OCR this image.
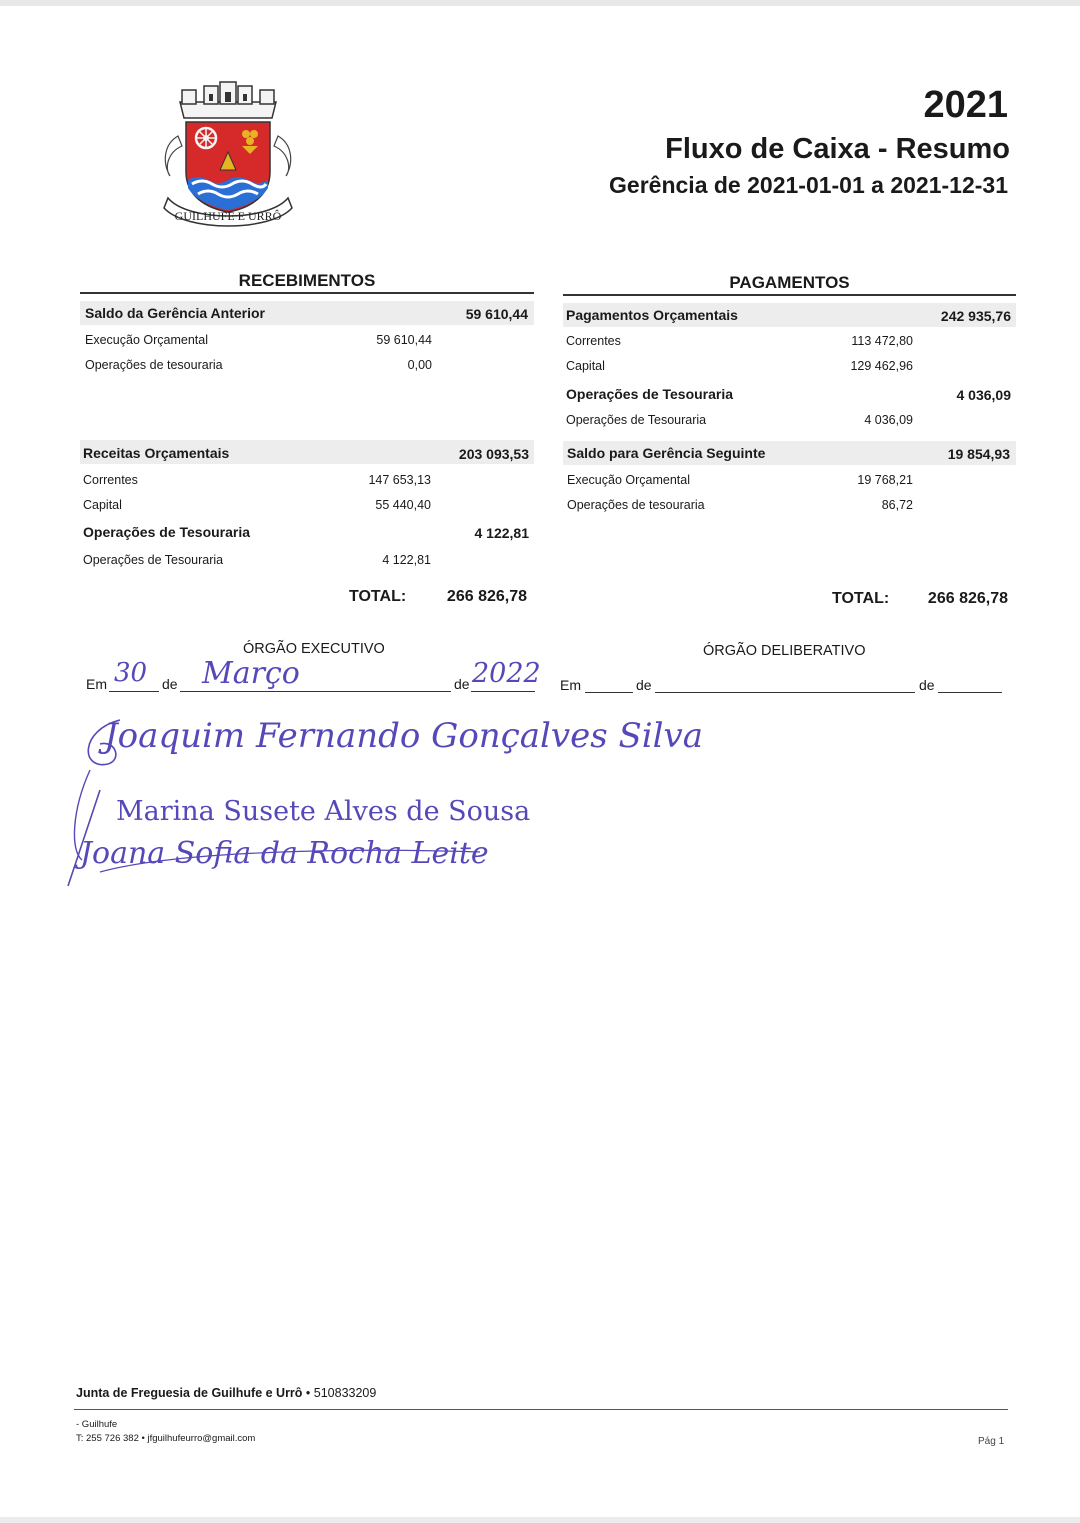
GUILHUFE E URRÔ
2021
Fluxo de Caixa - Resumo
Gerência de 2021-01-01 a 2021-12-31
RECEBIMENTOS
Saldo da Gerência Anterior	59 610,44
Execução Orçamental	59 610,44
Operações de tesouraria	0,00
Receitas Orçamentais	203 093,53
Correntes	147 653,13
Capital	55 440,40
Operações de Tesouraria	4 122,81
Operações de Tesouraria	4 122,81
TOTAL:	266 826,78
PAGAMENTOS
Pagamentos Orçamentais	242 935,76
Correntes	113 472,80
Capital	129 462,96
Operações de Tesouraria	4 036,09
Operações de Tesouraria	4 036,09
Saldo para Gerência Seguinte	19 854,93
Execução Orçamental	19 768,21
Operações de tesouraria	86,72
TOTAL:	266 826,78
ÓRGÃO EXECUTIVO	ÓRGÃO DELIBERATIVO
Em 30 de Março	de 2022 Em	de	de
Joaquim Fernando Gonçalves Silva
Marina Susete Alves de Sousa
Joana Sofia da Rocha Leite
Junta de Freguesia de Guilhufe e Urrô • 510833209
- Guilhufe
T: 255 726 382 • jfguilhufeurro@gmail.com	Pág 1
